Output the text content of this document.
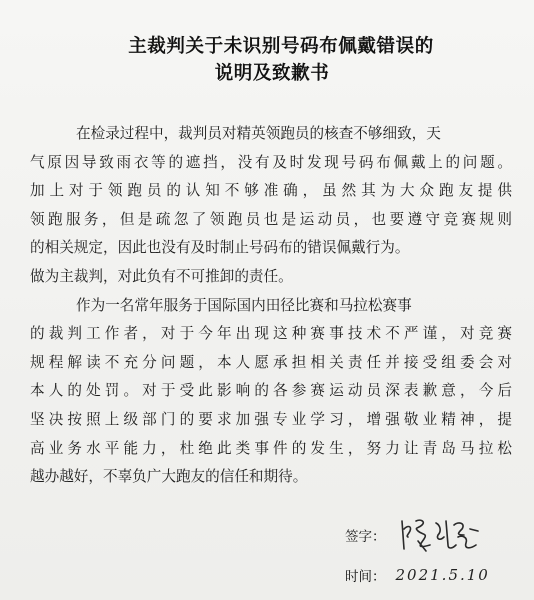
主裁判关于未识别号码布佩戴错误的
说明及致歉书
在检录过程中，裁判员对精英领跑员的核查不够细致，天
气原因导致雨衣等的遮挡，没有及时发现号码布佩戴上的问题。
加上对于领跑员的认知不够准确，虽然其为大众跑友提供
领跑服务，但是疏忽了领跑员也是运动员，也要遵守竞赛规则
的相关规定，因此也没有及时制止号码布的错误佩戴行为。
做为主裁判，对此负有不可推卸的责任。
作为一名常年服务于国际国内田径比赛和马拉松赛事
的裁判工作者，对于今年出现这种赛事技术不严谨，对竞赛
规程解读不充分问题，本人愿承担相关责任并接受组委会对
本人的处罚。对于受此影响的各参赛运动员深表歉意，今后
坚决按照上级部门的要求加强专业学习，增强敬业精神，提
高业务水平能力，杜绝此类事件的发生，努力让青岛马拉松
越办越好，不辜负广大跑友的信任和期待。
签字：
时间： 2021.5.10
